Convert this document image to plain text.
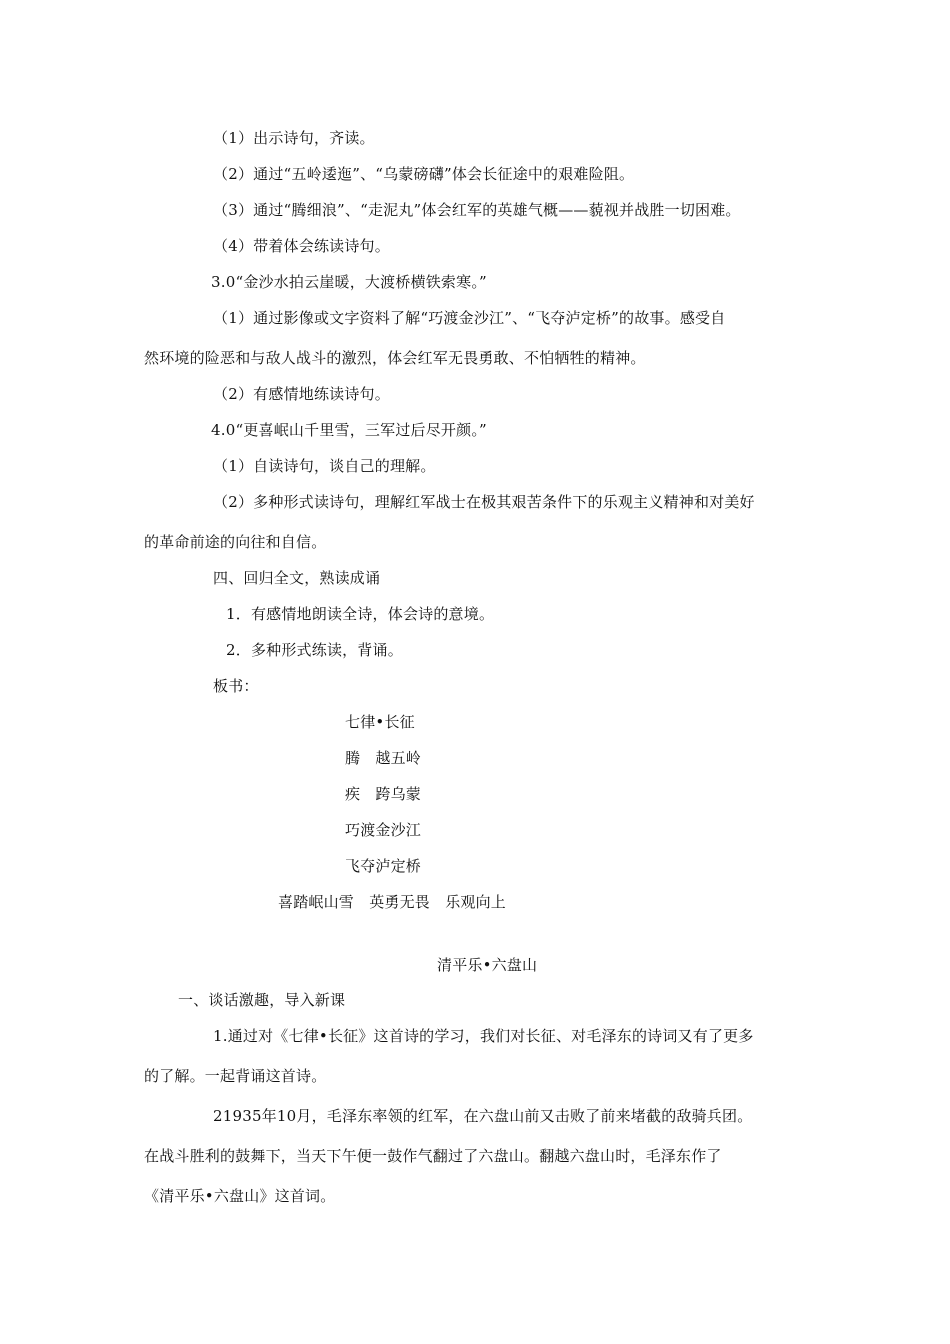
（1）出示诗句，齐读。
（2）通过“五岭逶迤”、“乌蒙磅礴”体会长征途中的艰难险阻。
（3）通过“腾细浪”、“走泥丸”体会红军的英雄气概——藐视并战胜一切困难。
（4）带着体会练读诗句。
3.0“金沙水拍云崖暖，大渡桥横铁索寒。”
（1）通过影像或文字资料了解“巧渡金沙江”、“飞夺泸定桥”的故事。感受自
然环境的险恶和与敌人战斗的激烈，体会红军无畏勇敢、不怕牺牲的精神。
（2）有感情地练读诗句。
4.0“更喜岷山千里雪，三军过后尽开颜。”
（1）自读诗句，谈自己的理解。
（2）多种形式读诗句，理解红军战士在极其艰苦条件下的乐观主义精神和对美好
的革命前途的向往和自信。
四、回归全文，熟读成诵
1．有感情地朗读全诗，体会诗的意境。
2．多种形式练读，背诵。
板书：
七律•长征
腾　越五岭
疾　跨乌蒙
巧渡金沙江
飞夺泸定桥
喜踏岷山雪　英勇无畏　乐观向上
清平乐•六盘山
一、谈话激趣，导入新课
1.通过对《七律•长征》这首诗的学习，我们对长征、对毛泽东的诗词又有了更多
的了解。一起背诵这首诗。
21935年10月，毛泽东率领的红军，在六盘山前又击败了前来堵截的敌骑兵团。
在战斗胜利的鼓舞下，当天下午便一鼓作气翻过了六盘山。翻越六盘山时，毛泽东作了
《清平乐•六盘山》这首词。
